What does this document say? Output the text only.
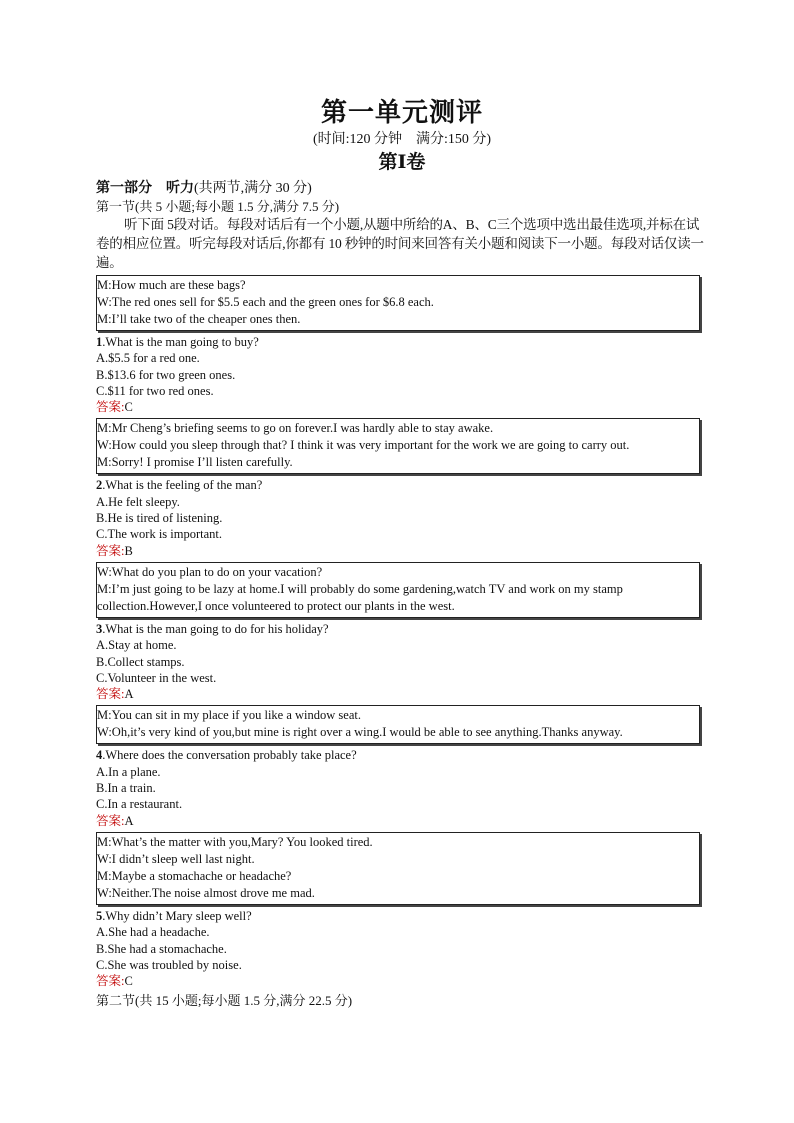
第一单元测评
(时间:120 分钟　满分:150 分)
第Ⅰ卷
第一部分　听力(共两节,满分 30 分)
第一节(共 5 小题;每小题 1.5 分,满分 7.5 分)
听下面 5段对话。每段对话后有一个小题,从题中所给的A、B、C三个选项中选出最佳选项,并标在试卷的相应位置。听完每段对话后,你都有 10 秒钟的时间来回答有关小题和阅读下一小题。每段对话仅读一遍。
M:How much are these bags?
W:The red ones sell for $5.5 each and the green ones for $6.8 each.
M:I’ll take two of the cheaper ones then.
1.What is the man going to buy?
A.$5.5 for a red one.
B.$13.6 for two green ones.
C.$11 for two red ones.
答案:C
M:Mr Cheng’s briefing seems to go on forever.I was hardly able to stay awake.
W:How could you sleep through that? I think it was very important for the work we are going to carry out.
M:Sorry! I promise I’ll listen carefully.
2.What is the feeling of the man?
A.He felt sleepy.
B.He is tired of listening.
C.The work is important.
答案:B
W:What do you plan to do on your vacation?
M:I’m just going to be lazy at home.I will probably do some gardening,watch TV and work on my stamp collection.However,I once volunteered to protect our plants in the west.
3.What is the man going to do for his holiday?
A.Stay at home.
B.Collect stamps.
C.Volunteer in the west.
答案:A
M:You can sit in my place if you like a window seat.
W:Oh,it’s very kind of you,but mine is right over a wing.I would be able to see anything.Thanks anyway.
4.Where does the conversation probably take place?
A.In a plane.
B.In a train.
C.In a restaurant.
答案:A
M:What’s the matter with you,Mary? You looked tired.
W:I didn’t sleep well last night.
M:Maybe a stomachache or headache?
W:Neither.The noise almost drove me mad.
5.Why didn’t Mary sleep well?
A.She had a headache.
B.She had a stomachache.
C.She was troubled by noise.
答案:C
第二节(共 15 小题;每小题 1.5 分,满分 22.5 分)
